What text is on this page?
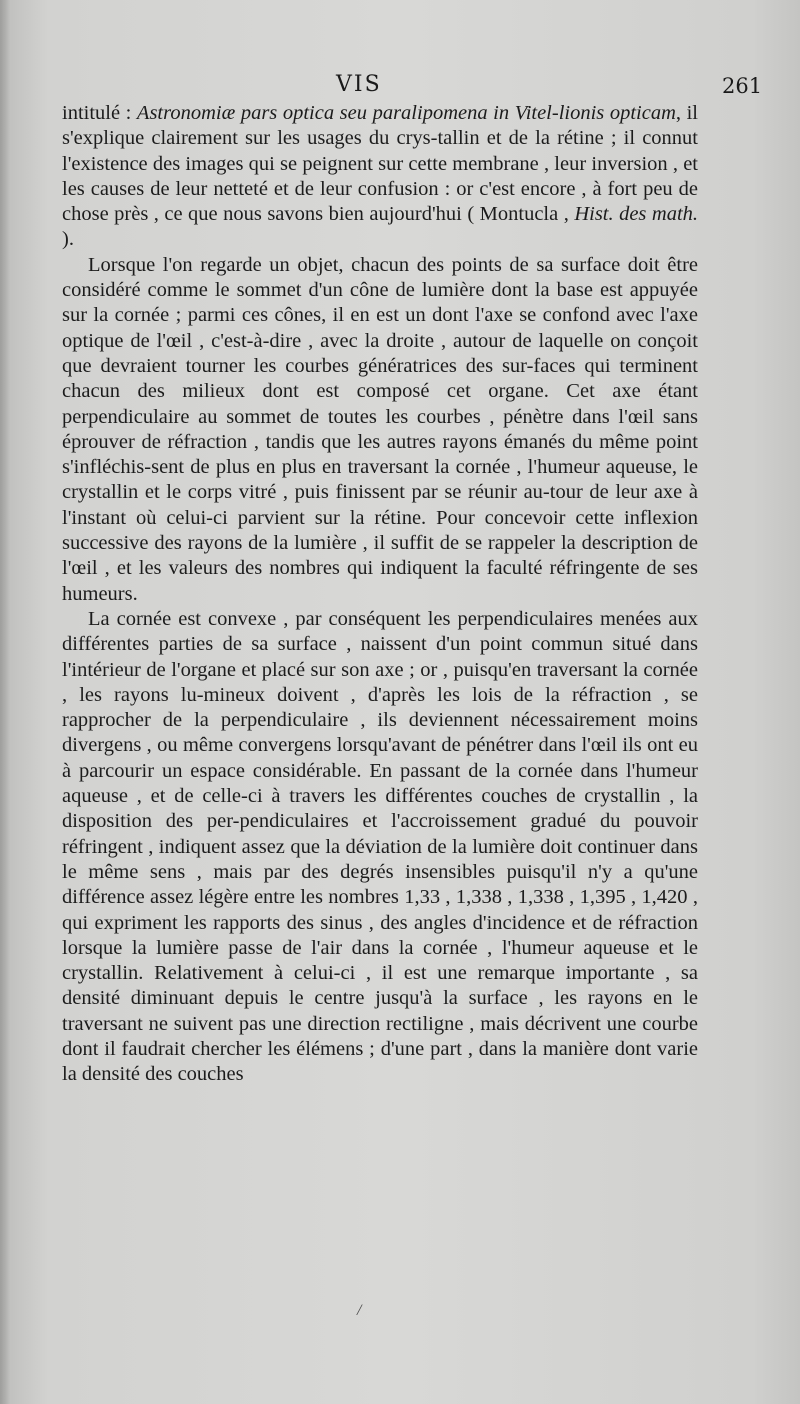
VIS	261

intitulé : Astronomiæ pars optica seu paralipomena in Vitel-lionis opticam, il s'explique clairement sur les usages du crys-tallin et de la rétine ; il connut l'existence des images qui se peignent sur cette membrane , leur inversion , et les causes de leur netteté et de leur confusion : or c'est encore , à fort peu de chose près , ce que nous savons bien aujourd'hui ( Montucla , Hist. des math. ).

Lorsque l'on regarde un objet, chacun des points de sa surface doit être considéré comme le sommet d'un cône de lumière dont la base est appuyée sur la cornée ; parmi ces cônes, il en est un dont l'axe se confond avec l'axe optique de l'œil , c'est-à-dire , avec la droite , autour de laquelle on conçoit que devraient tourner les courbes génératrices des sur-faces qui terminent chacun des milieux dont est composé cet organe. Cet axe étant perpendiculaire au sommet de toutes les courbes , pénètre dans l'œil sans éprouver de réfraction , tandis que les autres rayons émanés du même point s'infléchis-sent de plus en plus en traversant la cornée , l'humeur aqueuse, le crystallin et le corps vitré , puis finissent par se réunir au-tour de leur axe à l'instant où celui-ci parvient sur la rétine. Pour concevoir cette inflexion successive des rayons de la lumière , il suffit de se rappeler la description de l'œil , et les valeurs des nombres qui indiquent la faculté réfringente de ses humeurs.

La cornée est convexe , par conséquent les perpendiculaires menées aux différentes parties de sa surface , naissent d'un point commun situé dans l'intérieur de l'organe et placé sur son axe ; or , puisqu'en traversant la cornée , les rayons lu-mineux doivent , d'après les lois de la réfraction , se rapprocher de la perpendiculaire , ils deviennent nécessairement moins divergens , ou même convergens lorsqu'avant de pénétrer dans l'œil ils ont eu à parcourir un espace considérable. En passant de la cornée dans l'humeur aqueuse , et de celle-ci à travers les différentes couches de crystallin , la disposition des per-pendiculaires et l'accroissement gradué du pouvoir réfringent , indiquent assez que la déviation de la lumière doit continuer dans le même sens , mais par des degrés insensibles puisqu'il n'y a qu'une différence assez légère entre les nombres 1,33 , 1,338 , 1,338 , 1,395 , 1,420 , qui expriment les rapports des sinus , des angles d'incidence et de réfraction lorsque la lumière passe de l'air dans la cornée , l'humeur aqueuse et le crystallin. Relativement à celui-ci , il est une remarque importante , sa densité diminuant depuis le centre jusqu'à la surface , les rayons en le traversant ne suivent pas une direction rectiligne , mais décrivent une courbe dont il faudrait chercher les élémens ; d'une part , dans la manière dont varie la densité des couches

/
